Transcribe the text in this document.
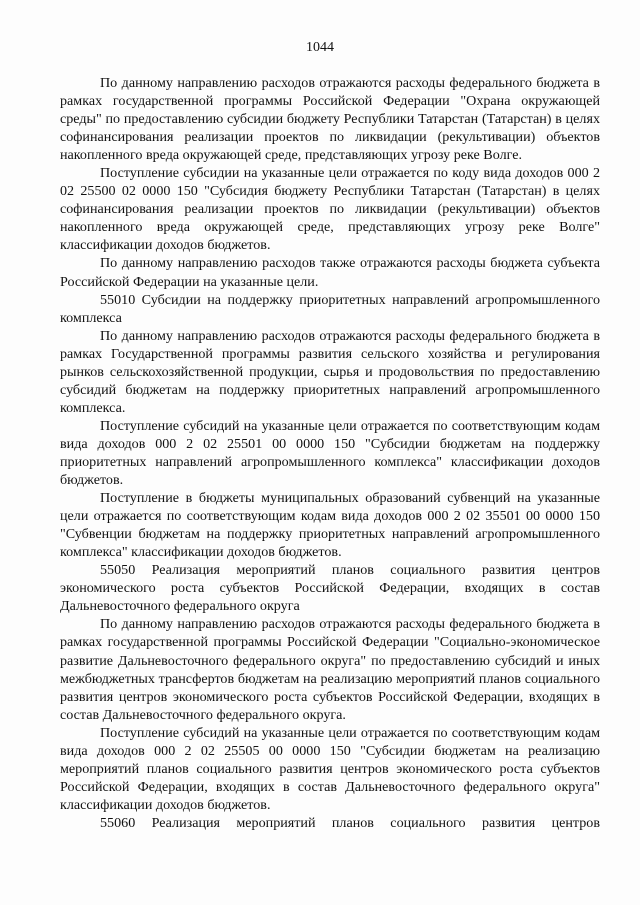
1044

По данному направлению расходов отражаются расходы федерального бюджета в рамках государственной программы Российской Федерации "Охрана окружающей среды" по предоставлению субсидии бюджету Республики Татарстан (Татарстан) в целях софинансирования реализации проектов по ликвидации (рекультивации) объектов накопленного вреда окружающей среде, представляющих угрозу реке Волге.

Поступление субсидии на указанные цели отражается по коду вида доходов 000 2 02 25500 02 0000 150 "Субсидия бюджету Республики Татарстан (Татарстан) в целях софинансирования реализации проектов по ликвидации (рекультивации) объектов накопленного вреда окружающей среде, представляющих угрозу реке Волге" классификации доходов бюджетов.

По данному направлению расходов также отражаются расходы бюджета субъекта Российской Федерации на указанные цели.

55010 Субсидии на поддержку приоритетных направлений агропромышленного комплекса

По данному направлению расходов отражаются расходы федерального бюджета в рамках Государственной программы развития сельского хозяйства и регулирования рынков сельскохозяйственной продукции, сырья и продовольствия по предоставлению субсидий бюджетам на поддержку приоритетных направлений агропромышленного комплекса.

Поступление субсидий на указанные цели отражается по соответствующим кодам вида доходов 000 2 02 25501 00 0000 150 "Субсидии бюджетам на поддержку приоритетных направлений агропромышленного комплекса" классификации доходов бюджетов.

Поступление в бюджеты муниципальных образований субвенций на указанные цели отражается по соответствующим кодам вида доходов 000 2 02 35501 00 0000 150 "Субвенции бюджетам на поддержку приоритетных направлений агропромышленного комплекса" классификации доходов бюджетов.

55050 Реализация мероприятий планов социального развития центров экономического роста субъектов Российской Федерации, входящих в состав Дальневосточного федерального округа

По данному направлению расходов отражаются расходы федерального бюджета в рамках государственной программы Российской Федерации "Социально-экономическое развитие Дальневосточного федерального округа" по предоставлению субсидий и иных межбюджетных трансфертов бюджетам на реализацию мероприятий планов социального развития центров экономического роста субъектов Российской Федерации, входящих в состав Дальневосточного федерального округа.

Поступление субсидий на указанные цели отражается по соответствующим кодам вида доходов 000 2 02 25505 00 0000 150 "Субсидии бюджетам на реализацию мероприятий планов социального развития центров экономического роста субъектов Российской Федерации, входящих в состав Дальневосточного федерального округа" классификации доходов бюджетов.

55060 Реализация мероприятий планов социального развития центров
